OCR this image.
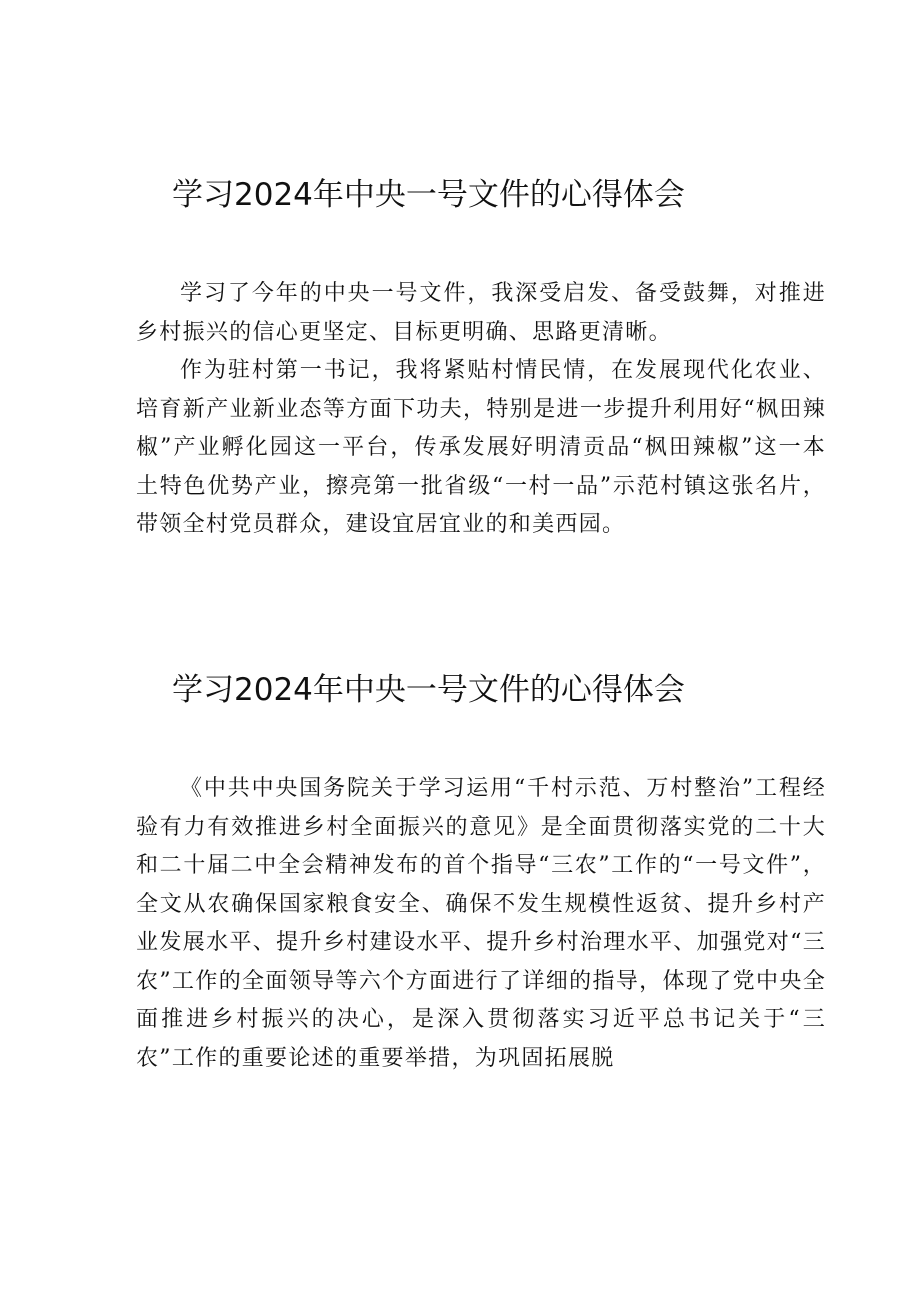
学习2024年中央一号文件的心得体会

学习了今年的中央一号文件，我深受启发、备受鼓舞，对推进乡村振兴的信心更坚定、目标更明确、思路更清晰。

作为驻村第一书记，我将紧贴村情民情，在发展现代化农业、培育新产业新业态等方面下功夫，特别是进一步提升利用好“枫田辣椒”产业孵化园这一平台，传承发展好明清贡品“枫田辣椒”这一本土特色优势产业，擦亮第一批省级“一村一品”示范村镇这张名片，带领全村党员群众，建设宜居宜业的和美西园。

学习2024年中央一号文件的心得体会

《中共中央国务院关于学习运用“千村示范、万村整治”工程经验有力有效推进乡村全面振兴的意见》是全面贯彻落实党的二十大和二十届二中全会精神发布的首个指导“三农”工作的“一号文件”，全文从农确保国家粮食安全、确保不发生规模性返贫、提升乡村产业发展水平、提升乡村建设水平、提升乡村治理水平、加强党对“三农”工作的全面领导等六个方面进行了详细的指导，体现了党中央全面推进乡村振兴的决心，是深入贯彻落实习近平总书记关于“三农”工作的重要论述的重要举措，为巩固拓展脱
